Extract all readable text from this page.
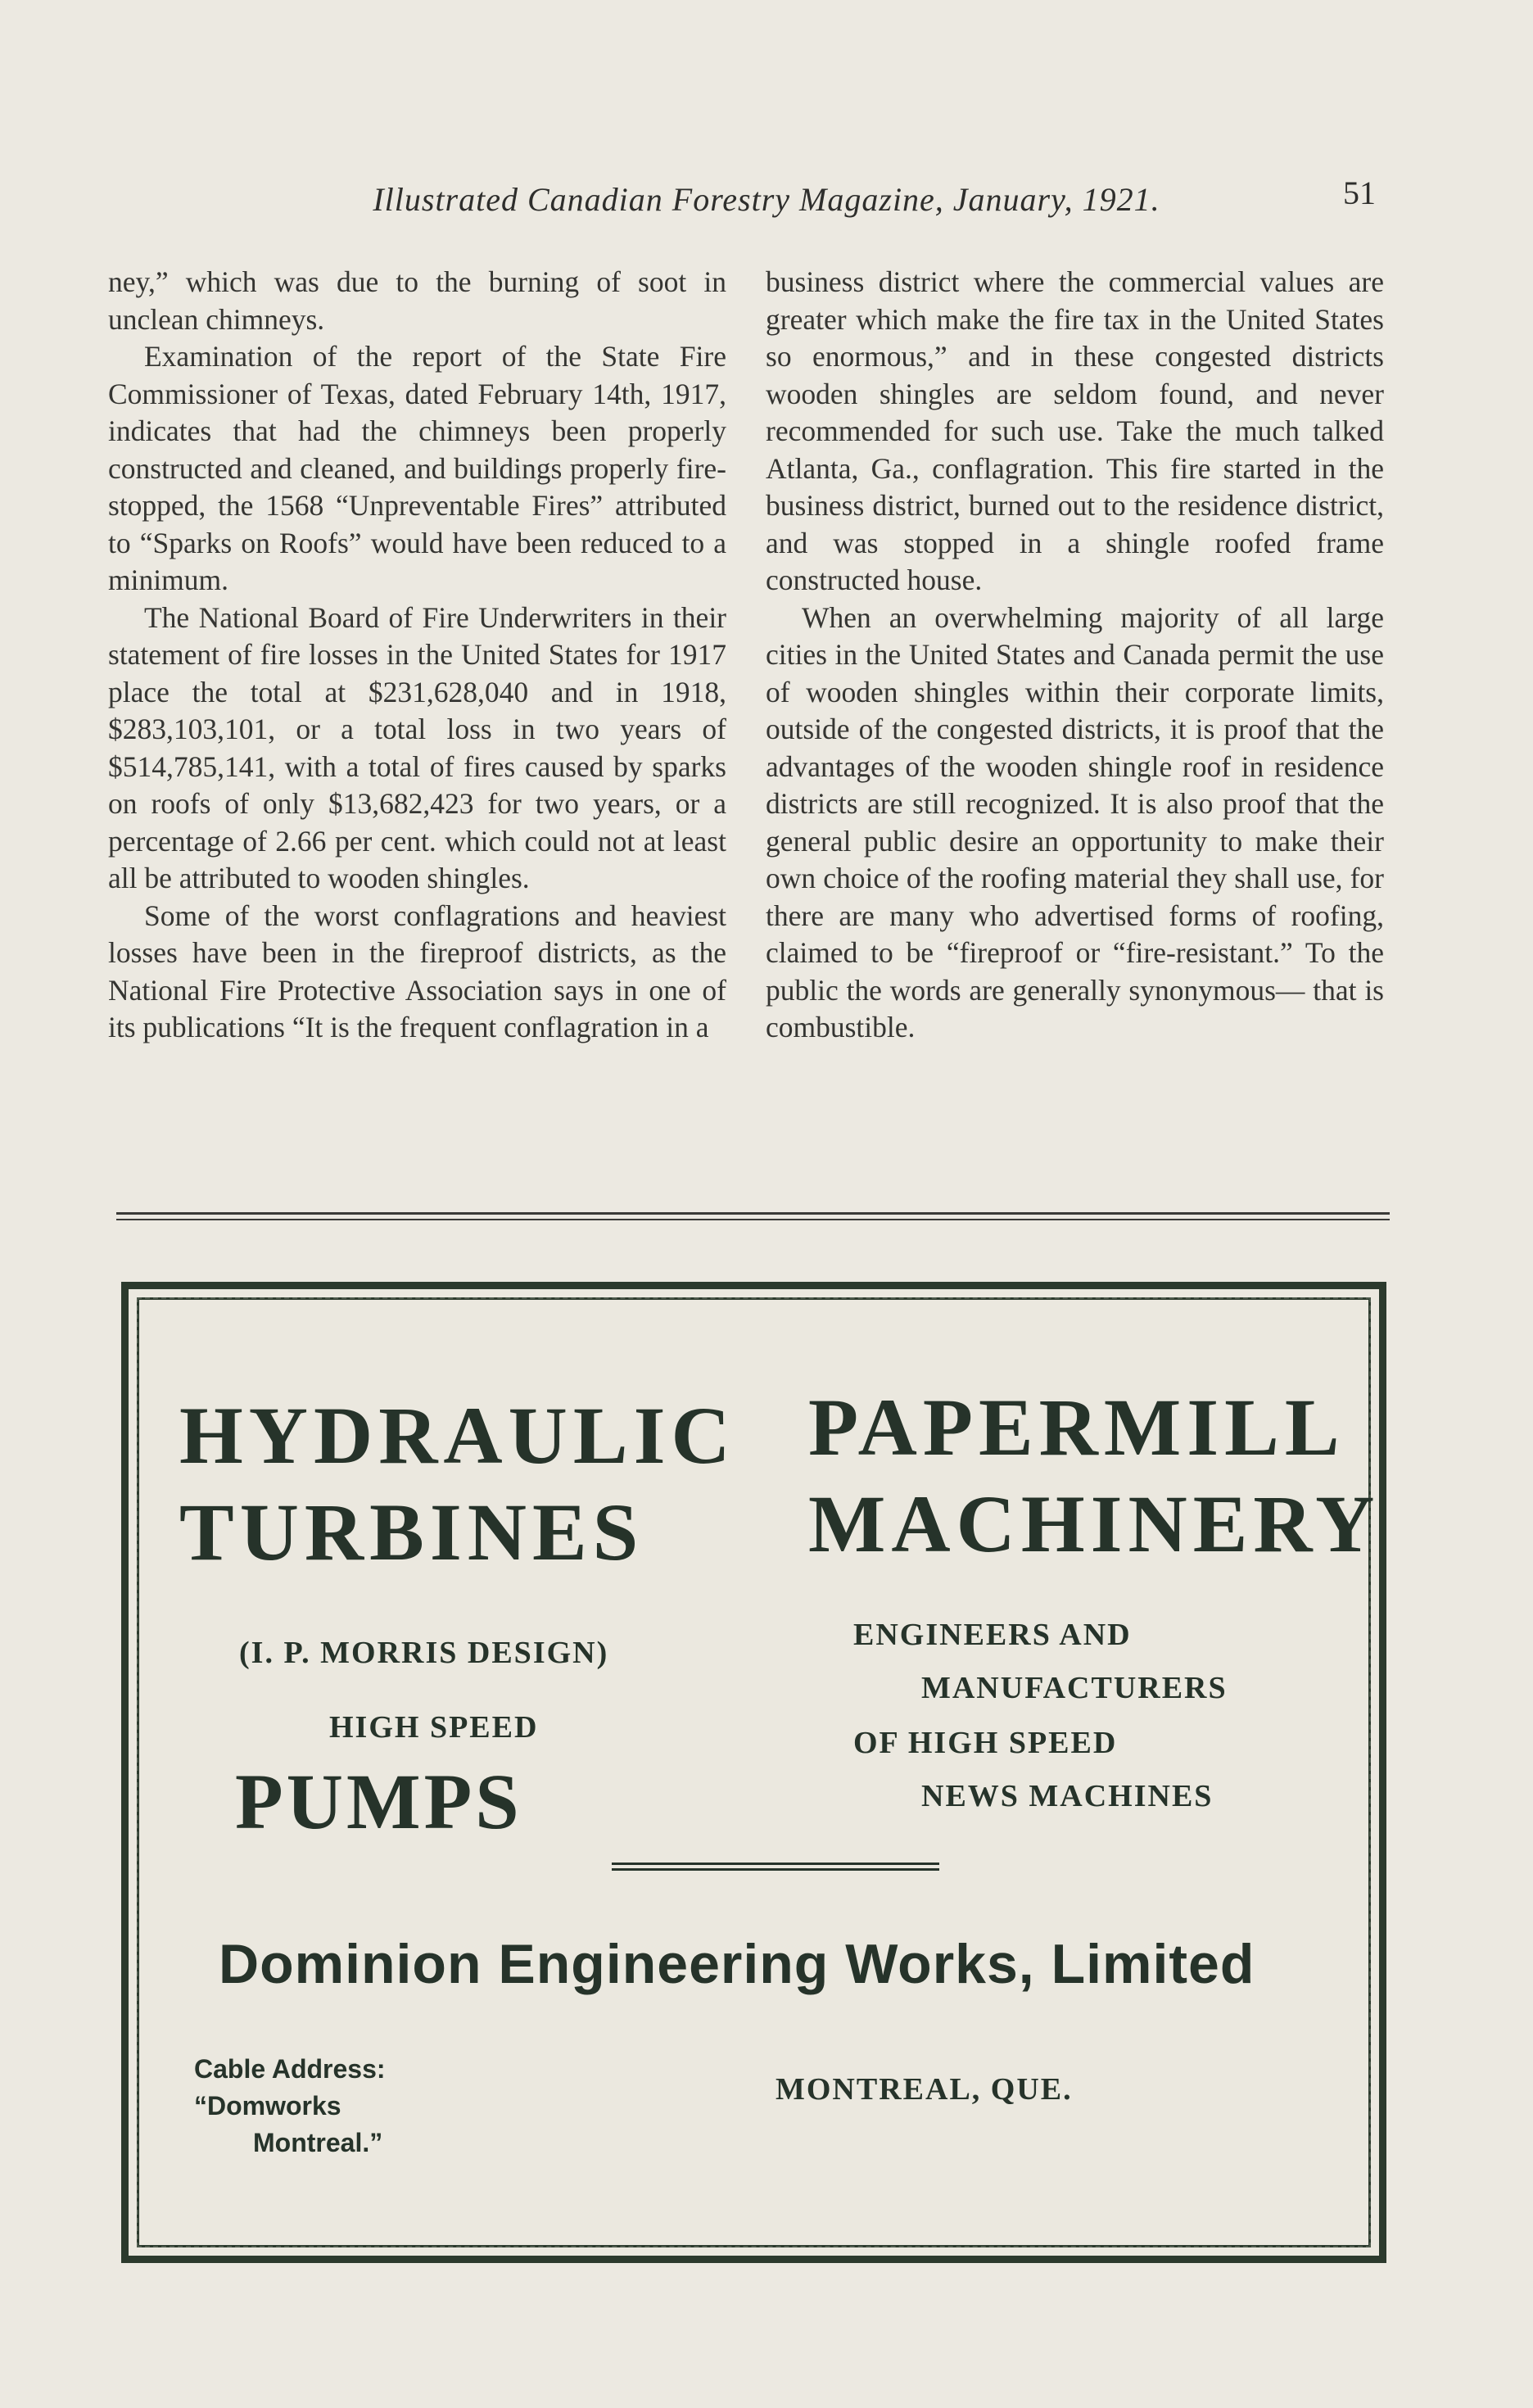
Illustrated Canadian Forestry Magazine, January, 1921.	51

ney,” which was due to the burning of soot in unclean chimneys.

Examination of the report of the State Fire Commissioner of Texas, dated February 14th, 1917, indicates that had the chimneys been properly constructed and cleaned, and buildings properly fire-stopped, the 1568 “Unpreventable Fires” attributed to “Sparks on Roofs” would have been reduced to a minimum.

The National Board of Fire Underwriters in their statement of fire losses in the United States for 1917 place the total at $231,628,040 and in 1918, $283,103,101, or a total loss in two years of $514,785,141, with a total of fires caused by sparks on roofs of only $13,682,423 for two years, or a percentage of 2.66 per cent. which could not at least all be attributed to wooden shingles.

Some of the worst conflagrations and heaviest losses have been in the fireproof districts, as the National Fire Protective Association says in one of its publications “It is the frequent conflagration in a

business district where the commercial values are greater which make the fire tax in the United States so enormous,” and in these congested districts wooden shingles are seldom found, and never recommended for such use. Take the much talked Atlanta, Ga., conflagration. This fire started in the business district, burned out to the residence district, and was stopped in a shingle roofed frame constructed house.

When an overwhelming majority of all large cities in the United States and Canada permit the use of wooden shingles within their corporate limits, outside of the congested districts, it is proof that the advantages of the wooden shingle roof in residence districts are still recognized. It is also proof that the general public desire an opportunity to make their own choice of the roofing material they shall use, for there are many who advertised forms of roofing, claimed to be “fireproof or “fire-resistant.” To the public the words are generally synonymous— that is combustible.

HYDRAULIC
TURBINES
PAPERMILL
MACHINERY
(I. P. MORRIS DESIGN)
HIGH SPEED
PUMPS
ENGINEERS AND
MANUFACTURERS
OF HIGH SPEED
NEWS MACHINES
Dominion Engineering Works, Limited
Cable Address:
“Domworks
Montreal.”
MONTREAL, QUE.
